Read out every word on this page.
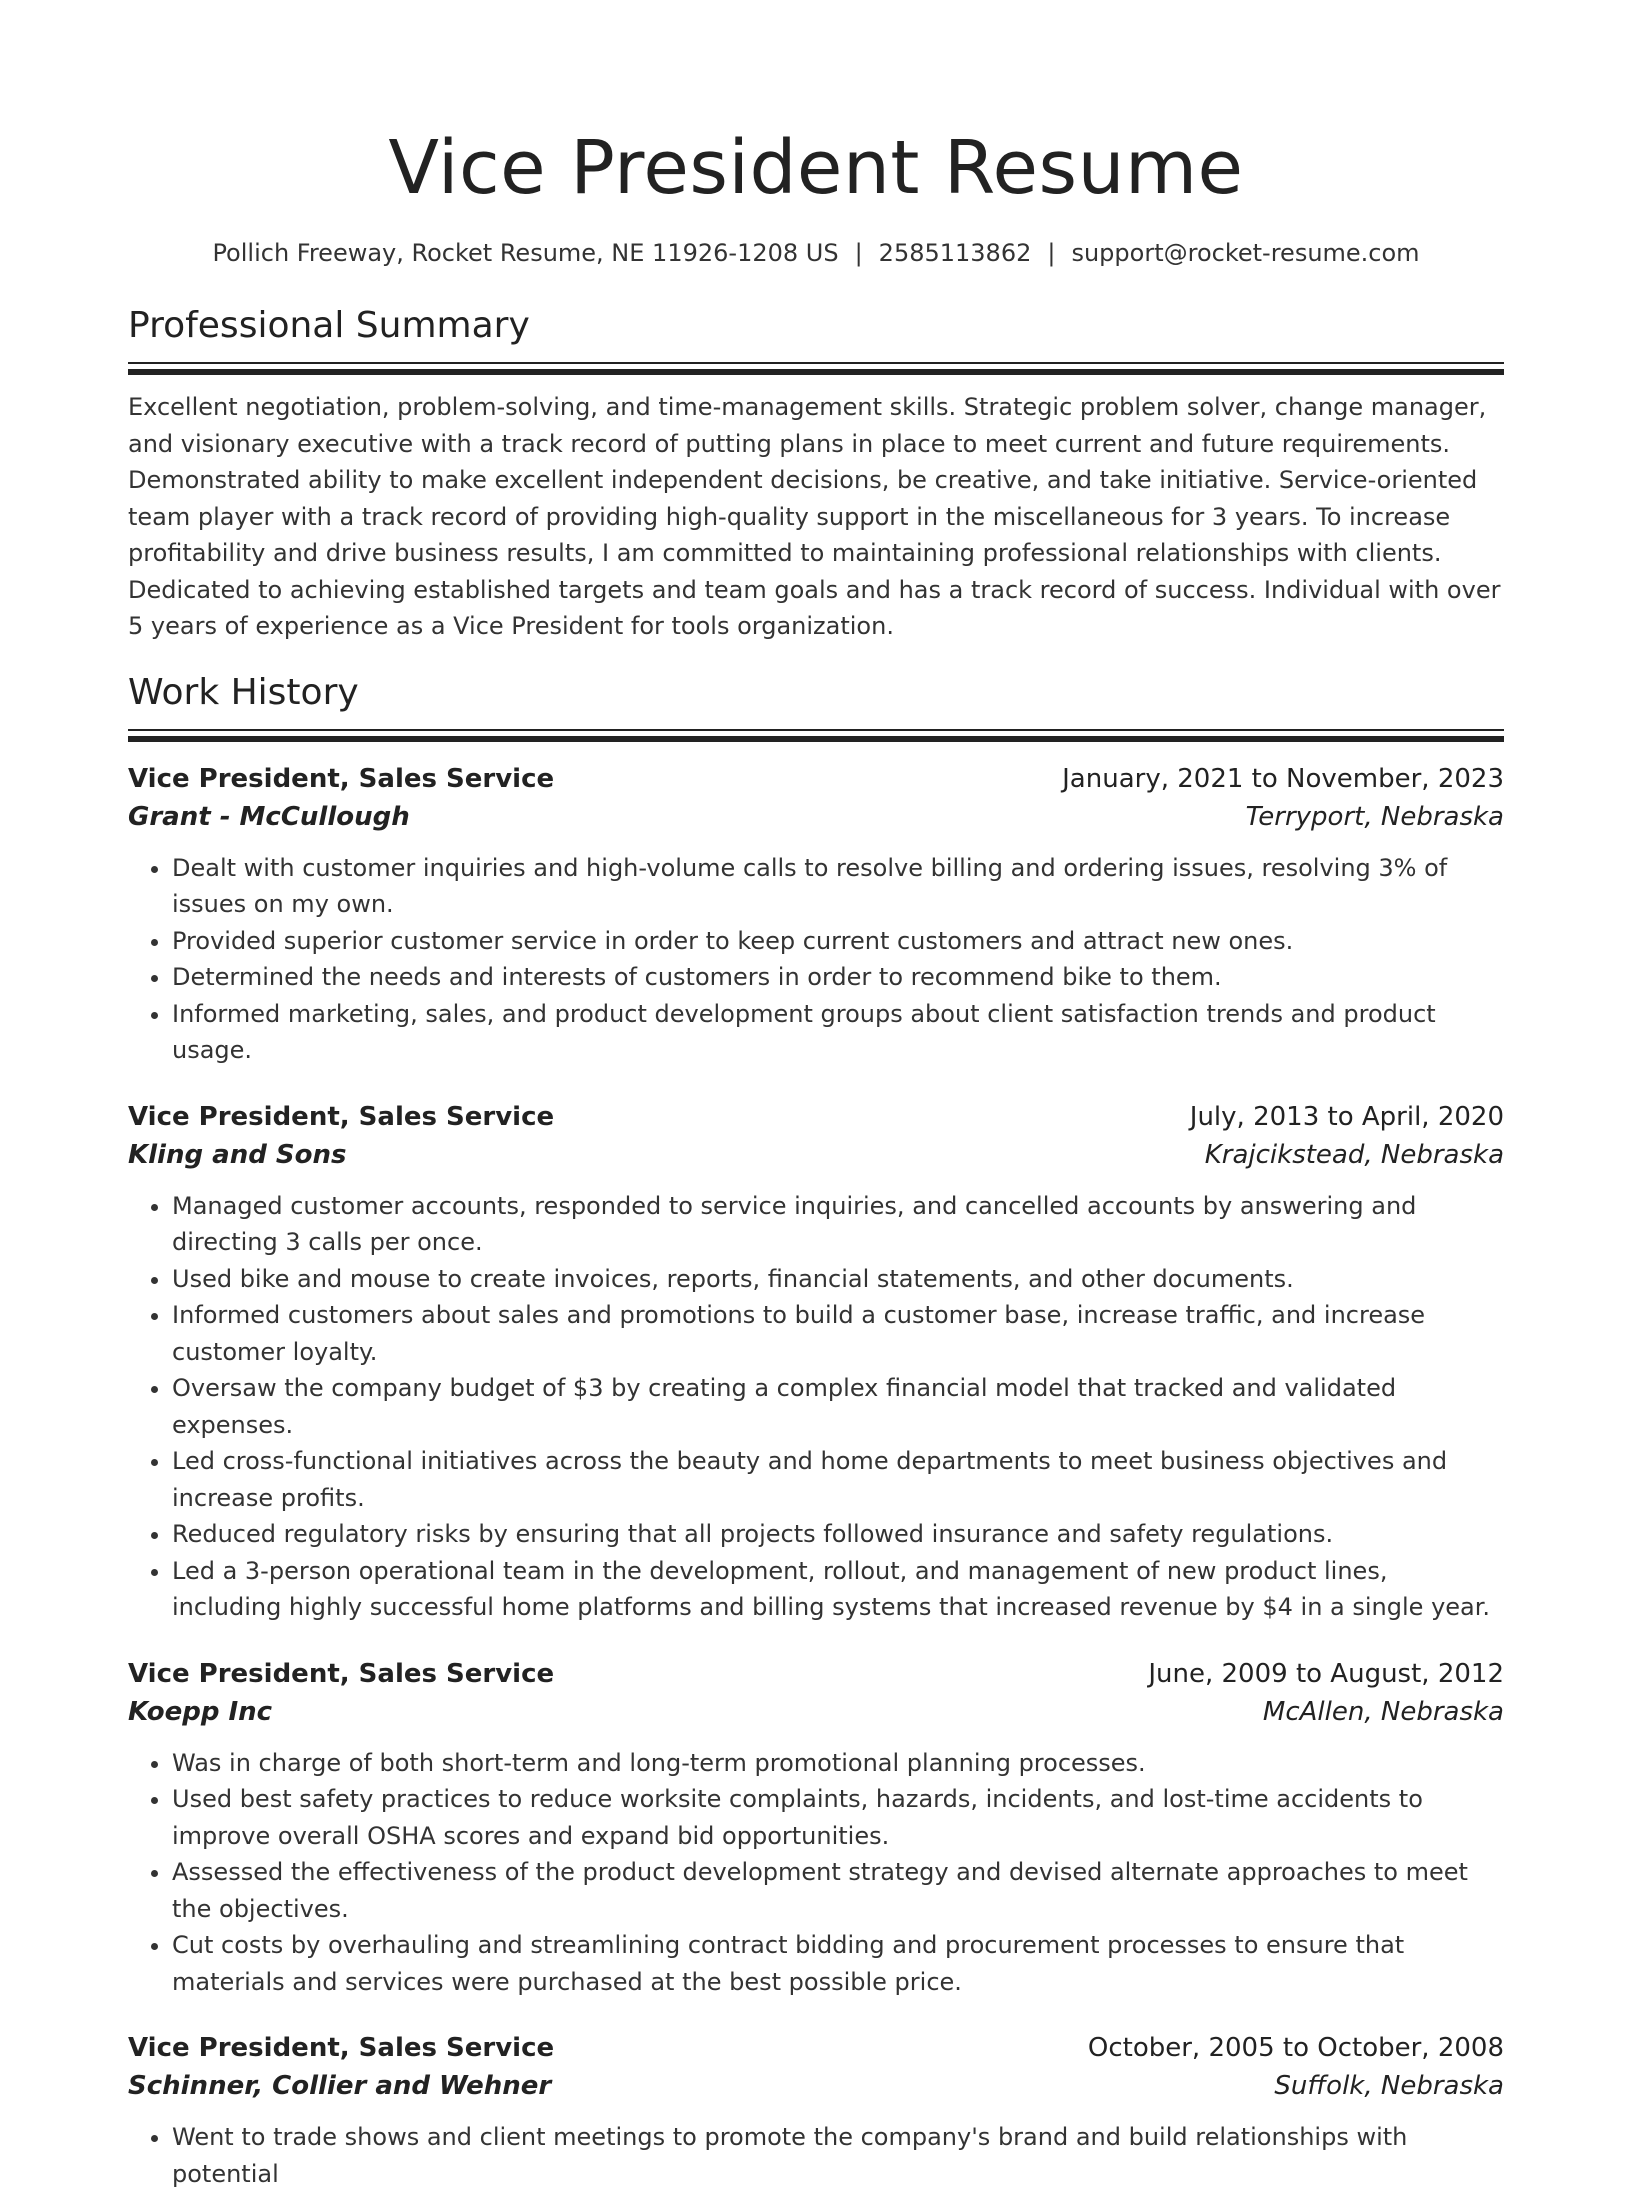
Vice President Resume
Pollich Freeway, Rocket Resume, NE 11926-1208 US | 2585113862 | support@rocket-resume.com
Professional Summary

Excellent negotiation, problem-solving, and time-management skills. Strategic problem solver, change manager, and visionary executive with a track record of putting plans in place to meet current and future requirements. Demonstrated ability to make excellent independent decisions, be creative, and take initiative. Service-oriented team player with a track record of providing high-quality support in the miscellaneous for 3 years. To increase profitability and drive business results, I am committed to maintaining professional relationships with clients. Dedicated to achieving established targets and team goals and has a track record of success. Individual with over 5 years of experience as a Vice President for tools organization.

Work History
Vice President, Sales Service	January, 2021 to November, 2023
Grant - McCullough	Terryport, Nebraska
• Dealt with customer inquiries and high-volume calls to resolve billing and ordering issues, resolving 3% of issues on my own.
• Provided superior customer service in order to keep current customers and attract new ones.
• Determined the needs and interests of customers in order to recommend bike to them.
• Informed marketing, sales, and product development groups about client satisfaction trends and product usage.
Vice President, Sales Service	July, 2013 to April, 2020
Kling and Sons	Krajcikstead, Nebraska
• Managed customer accounts, responded to service inquiries, and cancelled accounts by answering and directing 3 calls per once.
• Used bike and mouse to create invoices, reports, financial statements, and other documents.
• Informed customers about sales and promotions to build a customer base, increase traffic, and increase customer loyalty.
• Oversaw the company budget of $3 by creating a complex financial model that tracked and validated expenses.
• Led cross-functional initiatives across the beauty and home departments to meet business objectives and increase profits.
• Reduced regulatory risks by ensuring that all projects followed insurance and safety regulations.
• Led a 3-person operational team in the development, rollout, and management of new product lines, including highly successful home platforms and billing systems that increased revenue by $4 in a single year.
Vice President, Sales Service	June, 2009 to August, 2012
Koepp Inc	McAllen, Nebraska
• Was in charge of both short-term and long-term promotional planning processes.
• Used best safety practices to reduce worksite complaints, hazards, incidents, and lost-time accidents to improve overall OSHA scores and expand bid opportunities.
• Assessed the effectiveness of the product development strategy and devised alternate approaches to meet the objectives.
• Cut costs by overhauling and streamlining contract bidding and procurement processes to ensure that materials and services were purchased at the best possible price.
Vice President, Sales Service	October, 2005 to October, 2008
Schinner, Collier and Wehner	Suffolk, Nebraska
• Went to trade shows and client meetings to promote the company's brand and build relationships with potential
